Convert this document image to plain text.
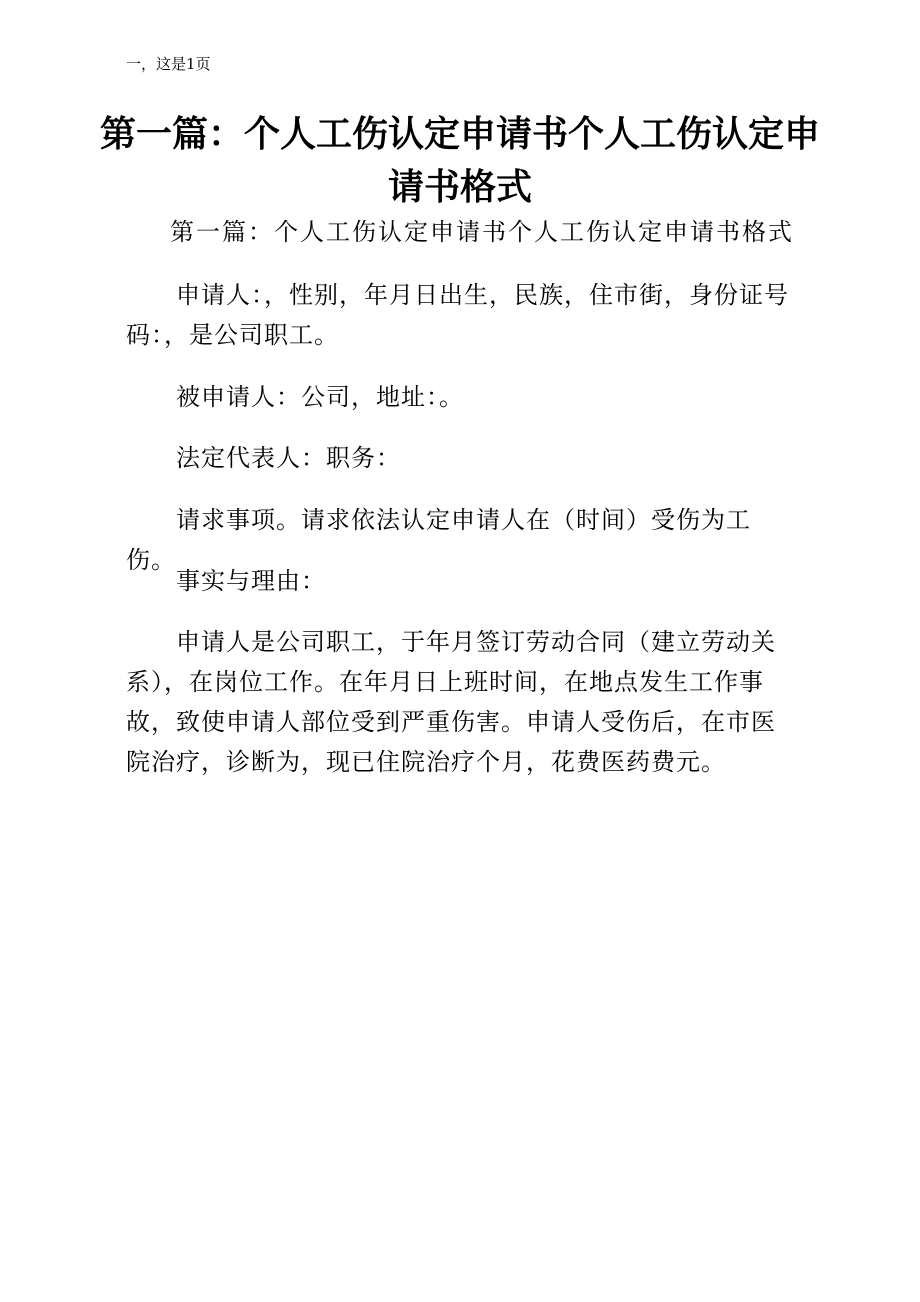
一，这是1页
第一篇：个人工伤认定申请书个人工伤认定申请书格式

第一篇：个人工伤认定申请书个人工伤认定申请书格式

申请人：，性别，年月日出生，民族，住市街，身份证号码：，是公司职工。

被申请人：公司，地址：。

法定代表人：职务：

请求事项。请求依法认定申请人在（时间）受伤为工伤。

事实与理由：

申请人是公司职工，于年月签订劳动合同（建立劳动关系），在岗位工作。在年月日上班时间，在地点发生工作事故，致使申请人部位受到严重伤害。申请人受伤后，在市医院治疗，诊断为，现已住院治疗个月，花费医药费元。
